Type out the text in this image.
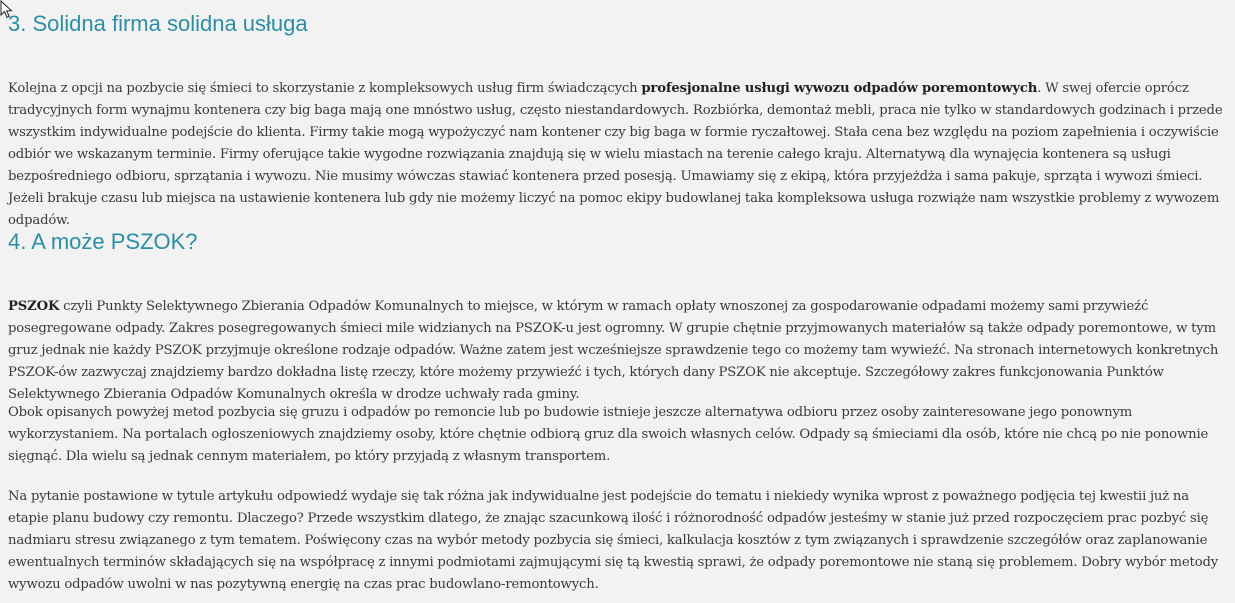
3. Solidna firma solidna usługa

Kolejna z opcji na pozbycie się śmieci to skorzystanie z kompleksowych usług firm świadczących profesjonalne usługi wywozu odpadów poremontowych. W swej ofercie oprócz tradycyjnych form wynajmu kontenera czy big baga mają one mnóstwo usług, często niestandardowych. Rozbiórka, demontaż mebli, praca nie tylko w standardowych godzinach i przede wszystkim indywidualne podejście do klienta. Firmy takie mogą wypożyczyć nam kontener czy big baga w formie ryczałtowej. Stała cena bez względu na poziom zapełnienia i oczywiście odbiór we wskazanym terminie. Firmy oferujące takie wygodne rozwiązania znajdują się w wielu miastach na terenie całego kraju. Alternatywą dla wynajęcia kontenera są usługi bezpośredniego odbioru, sprzątania i wywozu. Nie musimy wówczas stawiać kontenera przed posesją. Umawiamy się z ekipą, która przyjeżdża i sama pakuje, sprząta i wywozi śmieci. Jeżeli brakuje czasu lub miejsca na ustawienie kontenera lub gdy nie możemy liczyć na pomoc ekipy budowlanej taka kompleksowa usługa rozwiąże nam wszystkie problemy z wywozem odpadów.

4. A może PSZOK?

PSZOK czyli Punkty Selektywnego Zbierania Odpadów Komunalnych to miejsce, w którym w ramach opłaty wnoszonej za gospodarowanie odpadami możemy sami przywieźć posegregowane odpady. Zakres posegregowanych śmieci mile widzianych na PSZOK-u jest ogromny. W grupie chętnie przyjmowanych materiałów są także odpady poremontowe, w tym gruz jednak nie każdy PSZOK przyjmuje określone rodzaje odpadów. Ważne zatem jest wcześniejsze sprawdzenie tego co możemy tam wywieźć. Na stronach internetowych konkretnych PSZOK-ów zazwyczaj znajdziemy bardzo dokładna listę rzeczy, które możemy przywieźć i tych, których dany PSZOK nie akceptuje. Szczegółowy zakres funkcjonowania Punktów Selektywnego Zbierania Odpadów Komunalnych określa w drodze uchwały rada gminy.

Obok opisanych powyżej metod pozbycia się gruzu i odpadów po remoncie lub po budowie istnieje jeszcze alternatywa odbioru przez osoby zainteresowane jego ponownym wykorzystaniem. Na portalach ogłoszeniowych znajdziemy osoby, które chętnie odbiorą gruz dla swoich własnych celów. Odpady są śmieciami dla osób, które nie chcą po nie ponownie sięgnąć. Dla wielu są jednak cennym materiałem, po który przyjadą z własnym transportem.

Na pytanie postawione w tytule artykułu odpowiedź wydaje się tak różna jak indywidualne jest podejście do tematu i niekiedy wynika wprost z poważnego podjęcia tej kwestii już na etapie planu budowy czy remontu. Dlaczego? Przede wszystkim dlatego, że znając szacunkową ilość i różnorodność odpadów jesteśmy w stanie już przed rozpoczęciem prac pozbyć się nadmiaru stresu związanego z tym tematem. Poświęcony czas na wybór metody pozbycia się śmieci, kalkulacja kosztów z tym związanych i sprawdzenie szczegółów oraz zaplanowanie ewentualnych terminów składających się na współpracę z innymi podmiotami zajmującymi się tą kwestią sprawi, że odpady poremontowe nie staną się problemem. Dobry wybór metody wywozu odpadów uwolni w nas pozytywną energię na czas prac budowlano-remontowych.
